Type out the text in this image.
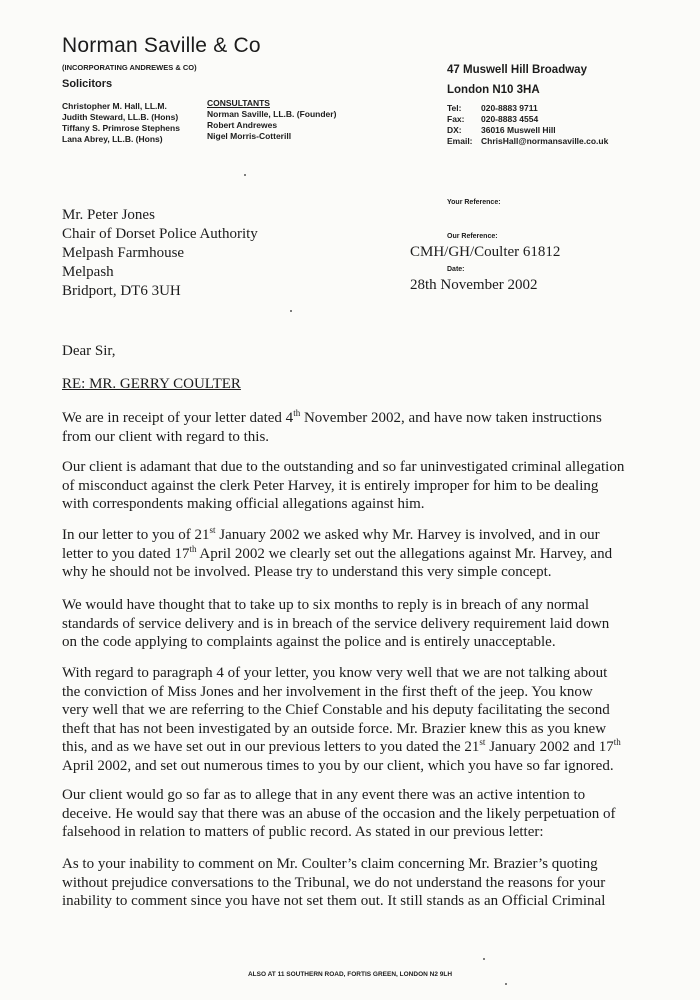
Norman Saville & Co
(INCORPORATING ANDREWES & CO)
Solicitors
47 Muswell Hill Broadway
London N10 3HA
Christopher M. Hall, LL.M.
Judith Steward, LL.B. (Hons)
Tiffany S. Primrose Stephens
Lana Abrey, LL.B. (Hons)
CONSULTANTS
Norman Saville, LL.B. (Founder)
Robert Andrewes
Nigel Morris-Cotterill
Tel:	020-8883 9711
Fax:	020-8883 4554
DX:	36016 Muswell Hill
Email: ChrisHall@normansaville.co.uk
Your Reference:
Our Reference:
CMH/GH/Coulter 61812
Date:
28th November 2002
Mr. Peter Jones
Chair of Dorset Police Authority
Melpash Farmhouse
Melpash
Bridport, DT6 3UH
Dear Sir,
RE: MR. GERRY COULTER
We are in receipt of your letter dated 4th November 2002, and have now taken instructions
from our client with regard to this.
Our client is adamant that due to the outstanding and so far uninvestigated criminal allegation
of misconduct against the clerk Peter Harvey, it is entirely improper for him to be dealing
with correspondents making official allegations against him.
In our letter to you of 21st January 2002 we asked why Mr. Harvey is involved, and in our
letter to you dated 17th April 2002 we clearly set out the allegations against Mr. Harvey, and
why he should not be involved. Please try to understand this very simple concept.
We would have thought that to take up to six months to reply is in breach of any normal
standards of service delivery and is in breach of the service delivery requirement laid down
on the code applying to complaints against the police and is entirely unacceptable.
With regard to paragraph 4 of your letter, you know very well that we are not talking about
the conviction of Miss Jones and her involvement in the first theft of the jeep. You know
very well that we are referring to the Chief Constable and his deputy facilitating the second
theft that has not been investigated by an outside force. Mr. Brazier knew this as you knew
this, and as we have set out in our previous letters to you dated the 21st January 2002 and 17th
April 2002, and set out numerous times to you by our client, which you have so far ignored.
Our client would go so far as to allege that in any event there was an active intention to
deceive. He would say that there was an abuse of the occasion and the likely perpetuation of
falsehood in relation to matters of public record. As stated in our previous letter:
As to your inability to comment on Mr. Coulter’s claim concerning Mr. Brazier’s quoting
without prejudice conversations to the Tribunal, we do not understand the reasons for your
inability to comment since you have not set them out. It still stands as an Official Criminal
ALSO AT 11 SOUTHERN ROAD, FORTIS GREEN, LONDON N2 9LH
